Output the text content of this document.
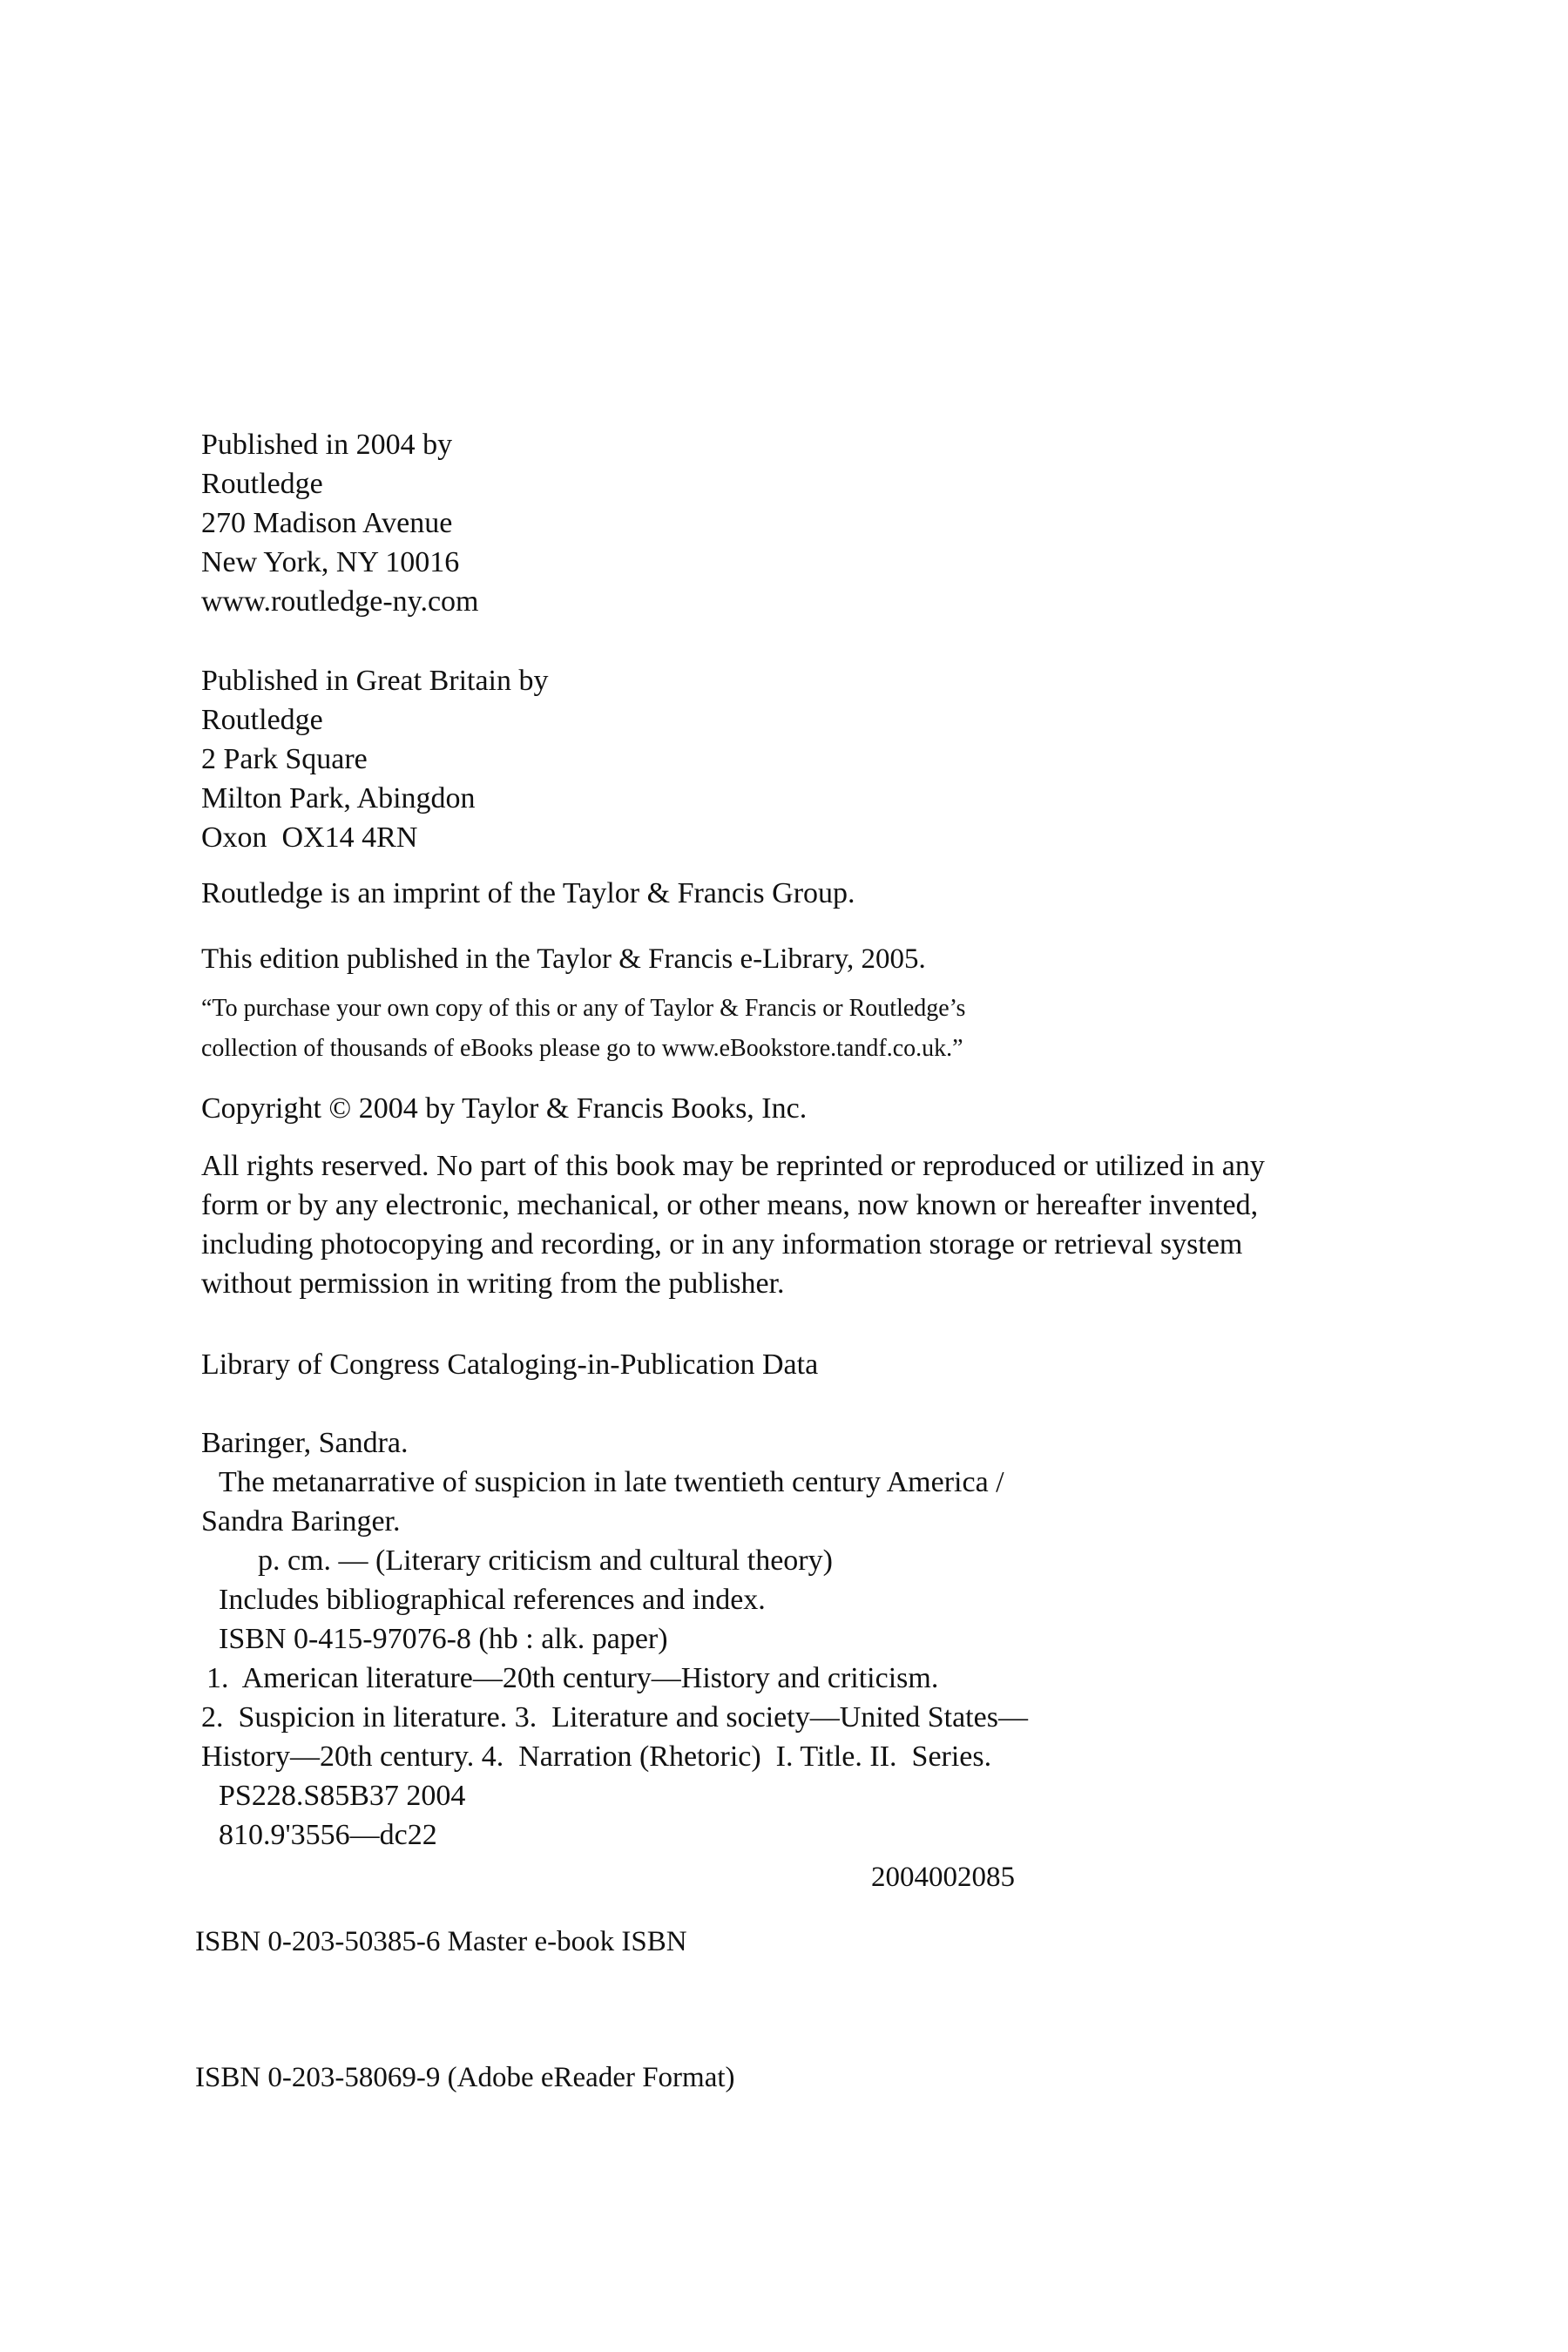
Published in 2004 by
Routledge
270 Madison Avenue
New York, NY 10016
www.routledge-ny.com
Published in Great Britain by
Routledge
2 Park Square
Milton Park, Abingdon
Oxon  OX14 4RN
Routledge is an imprint of the Taylor & Francis Group.
This edition published in the Taylor & Francis e-Library, 2005.
“To purchase your own copy of this or any of Taylor & Francis or Routledge’s
collection of thousands of eBooks please go to www.eBookstore.tandf.co.uk.”
Copyright © 2004 by Taylor & Francis Books, Inc.
All rights reserved. No part of this book may be reprinted or reproduced or utilized in any
form or by any electronic, mechanical, or other means, now known or hereafter invented,
including photocopying and recording, or in any information storage or retrieval system
without permission in writing from the publisher.
Library of Congress Cataloging-in-Publication Data
Baringer, Sandra.
The metanarrative of suspicion in late twentieth century America /
Sandra Baringer.
p. cm. — (Literary criticism and cultural theory)
Includes bibliographical references and index.
ISBN 0-415-97076-8 (hb : alk. paper)
1.  American literature—20th century—History and criticism.
2.  Suspicion in literature. 3.  Literature and society—United States—
History—20th century. 4.  Narration (Rhetoric)  I. Title. II.  Series.
PS228.S85B37 2004
810.9'3556—dc22
2004002085
ISBN 0-203-50385-6 Master e-book ISBN
ISBN 0-203-58069-9 (Adobe eReader Format)
